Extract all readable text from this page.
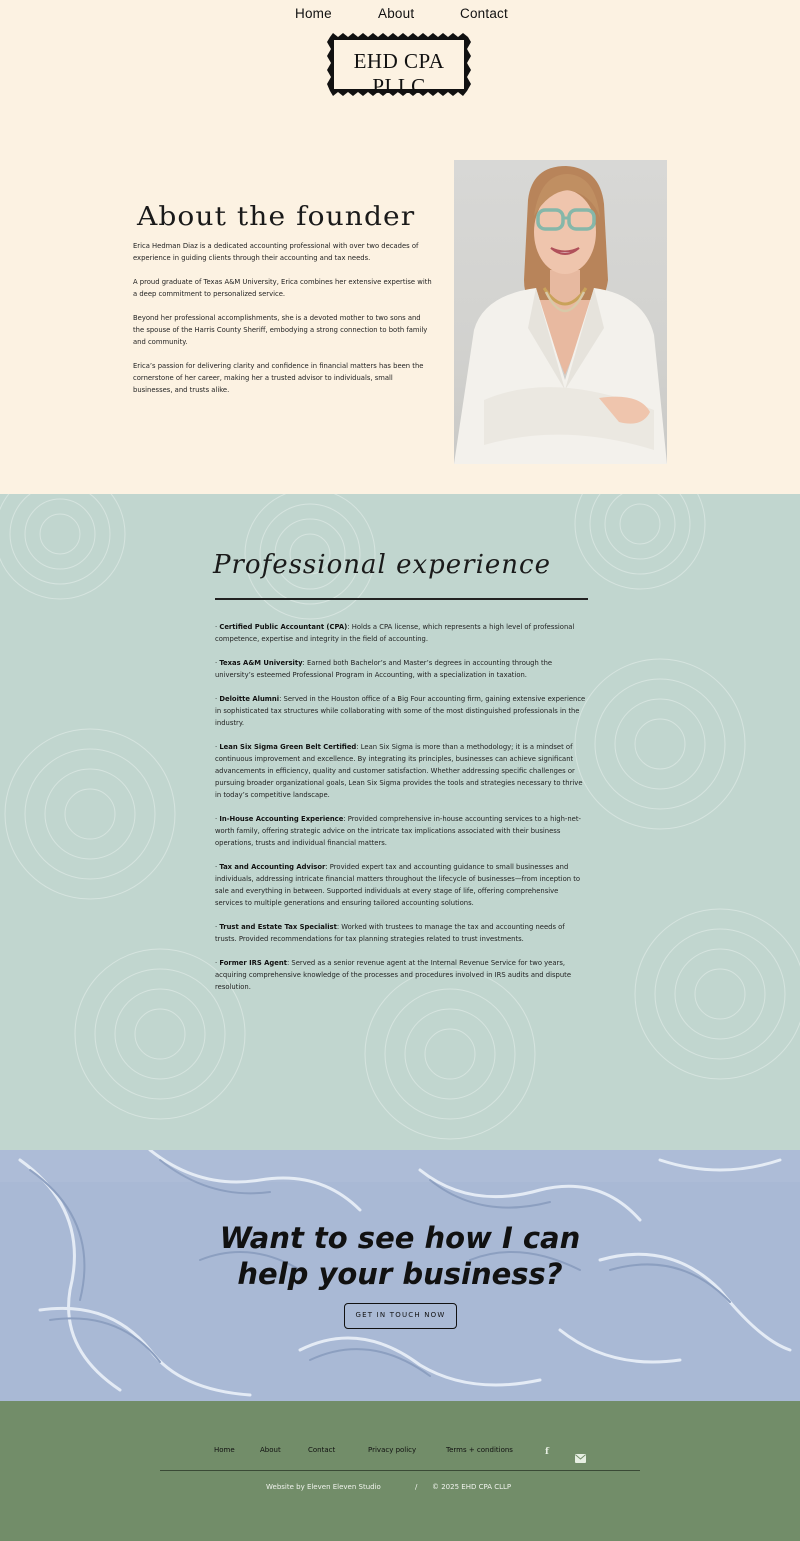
Home	About	Contact
EHD CPA PLLC
About the founder

Erica Hedman Diaz is a dedicated accounting professional with over two decades of experience in guiding clients through their accounting and tax needs.

A proud graduate of Texas A&M University, Erica combines her extensive expertise with a deep commitment to personalized service.

Beyond her professional accomplishments, she is a devoted mother to two sons and the spouse of the Harris County Sheriff, embodying a strong connection to both family and community.

Erica’s passion for delivering clarity and confidence in financial matters has been the cornerstone of her career, making her a trusted advisor to individuals, small businesses, and trusts alike.

Professional experience

· Certified Public Accountant (CPA): Holds a CPA license, which represents a high level of professional competence, expertise and integrity in the field of accounting.

· Texas A&M University: Earned both Bachelor’s and Master’s degrees in accounting through the university’s esteemed Professional Program in Accounting, with a specialization in taxation.

· Deloitte Alumni: Served in the Houston office of a Big Four accounting firm, gaining extensive experience in sophisticated tax structures while collaborating with some of the most distinguished professionals in the industry.

· Lean Six Sigma Green Belt Certified: Lean Six Sigma is more than a methodology; it is a mindset of continuous improvement and excellence. By integrating its principles, businesses can achieve significant advancements in efficiency, quality and customer satisfaction. Whether addressing specific challenges or pursuing broader organizational goals, Lean Six Sigma provides the tools and strategies necessary to thrive in today’s competitive landscape.

· In-House Accounting Experience: Provided comprehensive in-house accounting services to a high-net-worth family, offering strategic advice on the intricate tax implications associated with their business operations, trusts and individual financial matters.

· Tax and Accounting Advisor: Provided expert tax and accounting guidance to small businesses and individuals, addressing intricate financial matters throughout the lifecycle of businesses—from inception to sale and everything in between. Supported individuals at every stage of life, offering comprehensive services to multiple generations and ensuring tailored accounting solutions.

· Trust and Estate Tax Specialist: Worked with trustees to manage the tax and accounting needs of trusts. Provided recommendations for tax planning strategies related to trust investments.

· Former IRS Agent: Served as a senior revenue agent at the Internal Revenue Service for two years, acquiring comprehensive knowledge of the processes and procedures involved in IRS audits and dispute resolution.

Want to see how I can
help your business?
GET IN TOUCH NOW
Home	About	Contact	Privacy policy	Terms + conditions	f
Website by Eleven Eleven Studio	/ © 2025 EHD CPA CLLP
